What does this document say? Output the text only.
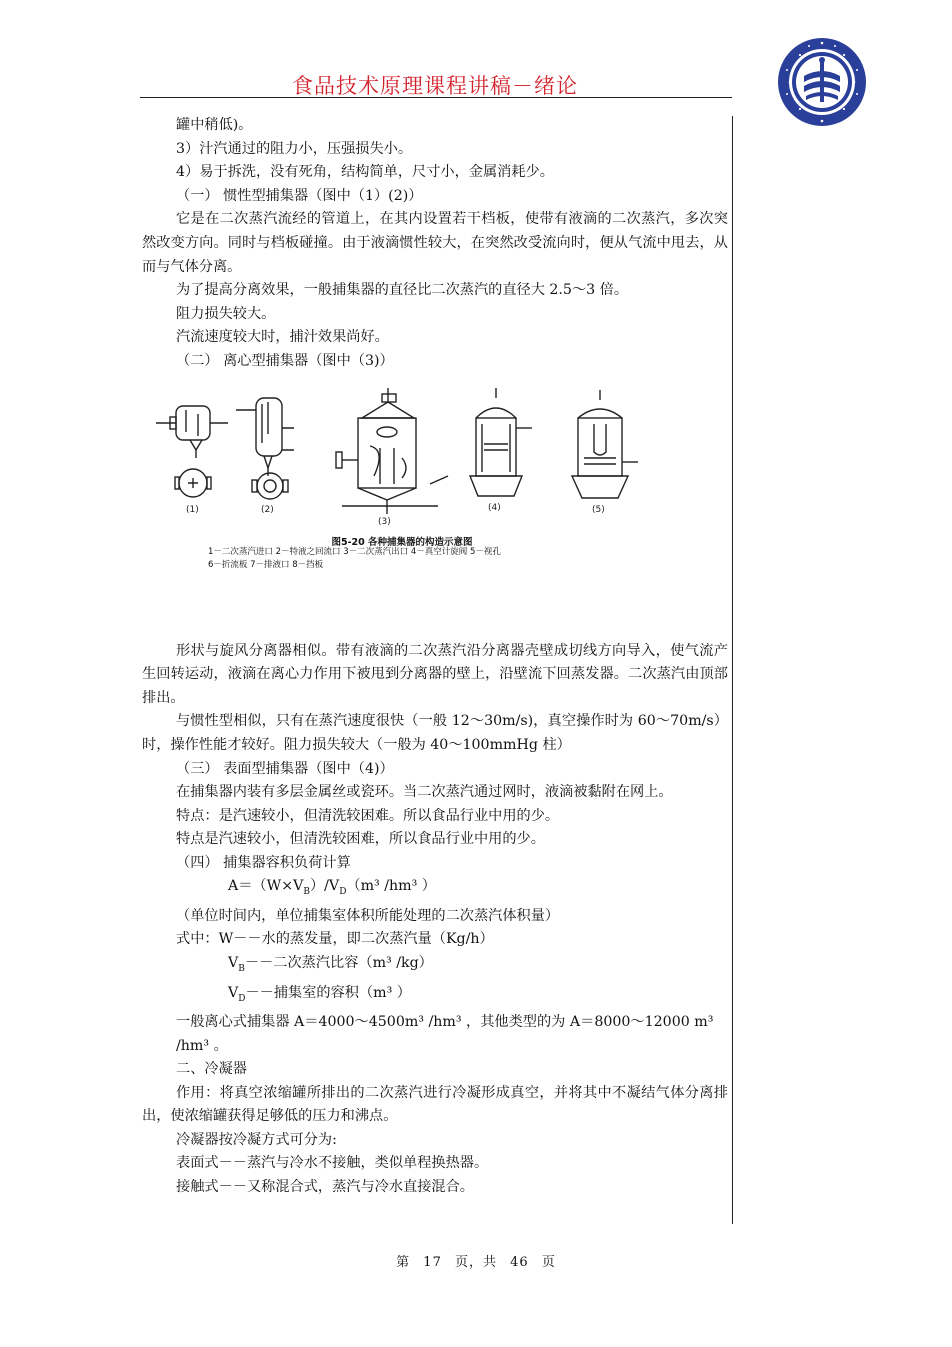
食品技术原理课程讲稿－绪论

罐中稍低)。

3）汁汽通过的阻力小，压强损失小。

4）易于拆洗，没有死角，结构简单，尺寸小，金属消耗少。

（一） 惯性型捕集器（图中（1）(2)）

它是在二次蒸汽流经的管道上，在其内设置若干档板，使带有液滴的二次蒸汽，多次突然改变方向。同时与档板碰撞。由于液滴惯性较大，在突然改受流向时，便从气流中甩去，从而与气体分离。

为了提高分离效果，一般捕集器的直径比二次蒸汽的直径大 2.5～3 倍。

阻力损失较大。

汽流速度较大时，捕汁效果尚好。

（二） 离心型捕集器（图中（3)）

(1)	(2)
(3)
(4)	(5)
图5-20 各种捕集器的构造示意图
1－二次蒸汽进口 2－特液之回流口 3－二次蒸汽出口 4－真空计旋阀 5－视孔
6－折流板 7－排液口 8－挡板

形状与旋风分离器相似。带有液滴的二次蒸汽沿分离器壳壁成切线方向导入，使气流产生回转运动，液滴在离心力作用下被甩到分离器的壁上，沿壁流下回蒸发器。二次蒸汽由顶部排出。

与惯性型相似，只有在蒸汽速度很快（一般 12～30m/s)，真空操作时为 60～70m/s）时，操作性能才较好。阻力损失较大（一般为 40～100mmHg 柱）

（三） 表面型捕集器（图中（4)）

在捕集器内装有多层金属丝或瓷环。当二次蒸汽通过网时，液滴被黏附在网上。

特点：是汽速较小，但清洗较困难。所以食品行业中用的少。

特点是汽速较小，但清洗较困难，所以食品行业中用的少。

（四） 捕集器容积负荷计算

$A=(W\times V_B)/V_D(m^3$ /hm³ ）

（单位时间内，单位捕集室体积所能处理的二次蒸汽体积量）

式中：W－－水的蒸发量，即二次蒸汽量（Kg/h）

$V_B--$二次蒸汽比容（m³ /kg）

$V_D--$捕集室的容积（m³ ）

一般离心式捕集器 A＝4000～4500m³ /hm³ ，其他类型的为 A＝8000～12000 m³ /hm³ 。

二、冷凝器

作用：将真空浓缩罐所排出的二次蒸汽进行冷凝形成真空，并将其中不凝结气体分离排出，使浓缩罐获得足够低的压力和沸点。

冷凝器按冷凝方式可分为:

表面式－－蒸汽与冷水不接触，类似单程换热器。

接触式－－又称混合式，蒸汽与冷水直接混合。

第 17 页，共 46 页
